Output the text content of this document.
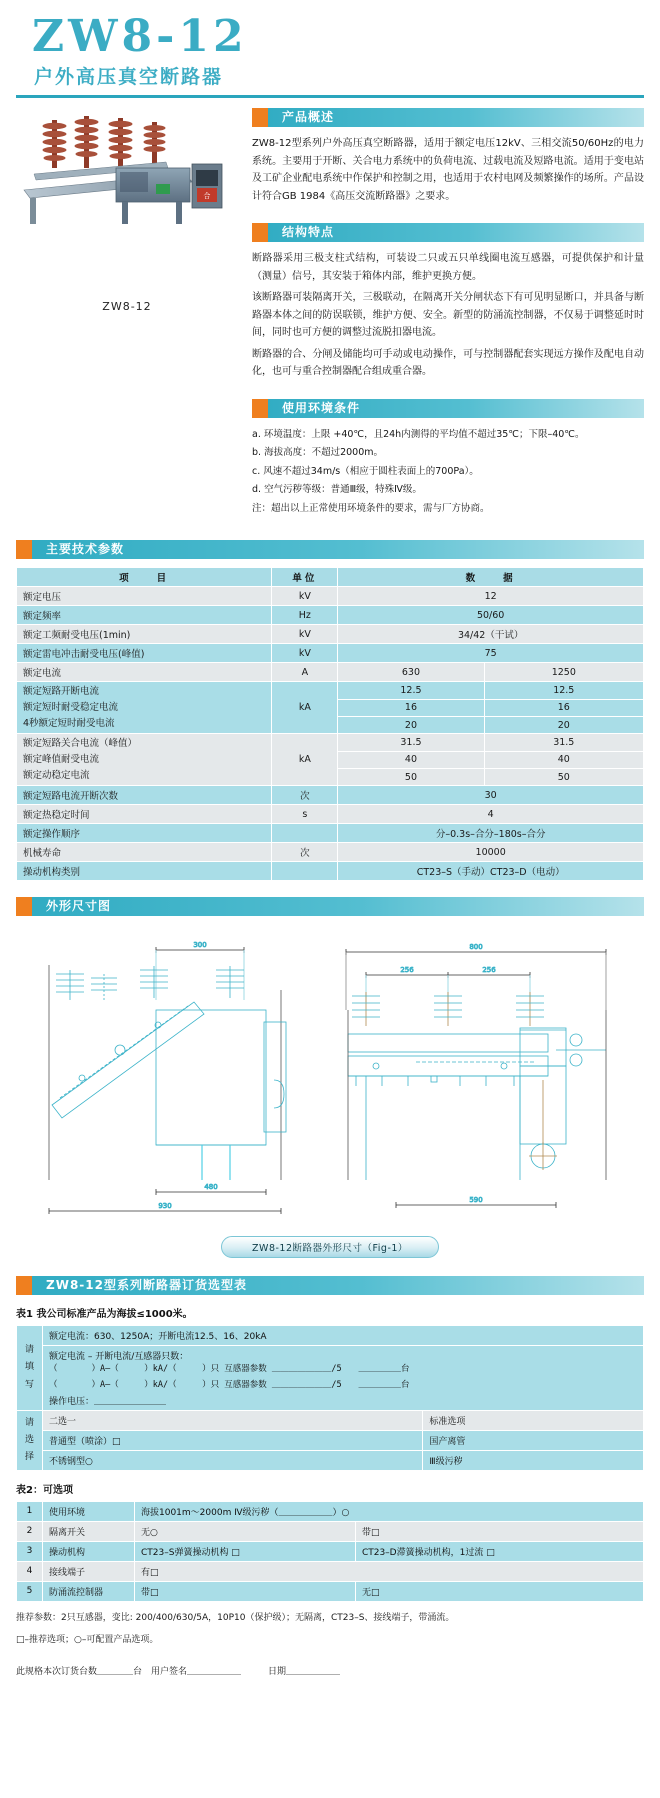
ZW8-12
户外高压真空断路器
合
ZW8-12
产品概述

ZW8-12型系列户外高压真空断路器，适用于额定电压12kV、三相交流50/60Hz的电力系统。主要用于开断、关合电力系统中的负荷电流、过载电流及短路电流。适用于变电站及工矿企业配电系统中作保护和控制之用，也适用于农村电网及频繁操作的场所。产品设计符合GB 1984《高压交流断路器》之要求。

结构特点

断路器采用三极支柱式结构，可装设二只或五只单线圈电流互感器，可提供保护和计量（测量）信号，其安装于箱体内部，维护更换方便。

该断路器可装隔离开关，三极联动，在隔离开关分闸状态下有可见明显断口，并具备与断路器本体之间的防误联锁，维护方便、安全。新型的防涌流控制器，不仅易于调整延时时间，同时也可方便的调整过流脱扣器电流。

断路器的合、分闸及储能均可手动或电动操作，可与控制器配套实现远方操作及配电自动化，也可与重合控制器配合组成重合器。

使用环境条件
a. 环境温度：上限 +40℃，且24h内测得的平均值不超过35℃；下限–40℃。
b. 海拔高度：不超过2000m。
c. 风速不超过34m/s（相应于圆柱表面上的700Pa）。
d. 空气污秽等级：普通Ⅲ级，特殊Ⅳ级。
注：超出以上正常使用环境条件的要求，需与厂方协商。
主要技术参数
项　　目	单位	数　　据	
额定电压	kV	12	
额定频率	Hz	50/60	
额定工频耐受电压(1min)	kV	34/42（干试）	
额定雷电冲击耐受电压(峰值)	kV	75	
额定电流	A	630	1250

额定短路开断电流
额定短时耐受稳定电流
4秒额定短时耐受电流	kA	12.5	12.5
		16	16
		20	20

额定短路关合电流（峰值）
额定峰值耐受电流
额定动稳定电流	kA	31.5	31.5
		40	40
		50	50
额定短路电流开断次数	次	30	
额定热稳定时间	s	4	
额定操作顺序		分–0.3s–合分–180s–合分	
机械寿命	次	10000	
操动机构类别		CT23–S（手动）CT23–D（电动）	
外形尺寸图
300
480
930
800
256	256
590
ZW8-12断路器外形尺寸（Fig-1）
ZW8-12型系列断路器订货选型表
表1 我公司标准产品为海拔≤1000米。
请
填
写	额定电流：630、1250A；开断电流12.5、16、20kA	

	额定电流 – 开断电流/互感器只数：
（　　　　）A–（　　　）kA/（　　　）只 互感器参数 ＿＿＿＿＿＿＿/5　　＿＿＿＿＿台
（　　　　）A–（　　　）kA/（　　　）只 互感器参数 ＿＿＿＿＿＿＿/5　　＿＿＿＿＿台
操作电压：＿＿＿＿＿＿＿＿	

请
选
择	二选一	标准选项
	普通型（喷涂）□	国产离管
	不锈钢型○	Ⅲ级污秽
表2：可选项
1	使用环境	海拔1001m～2000m Ⅳ级污秽（＿＿＿＿＿＿）○	
2	隔离开关	无○	带□
3	操动机构	CT23–S弹簧操动机构 □	CT23–D滞簧操动机构，1过流 □
4	接线端子	有□	
5	防涌流控制器	带□	无□
推荐参数：2只互感器，变比: 200/400/630/5A，10P10（保护级）；无隔离，CT23–S、接线端子，带涌流。
□–推荐选项；○–可配置产品选项。
此规格本次订货台数＿＿＿＿台　用户签名＿＿＿＿＿＿　　　日期＿＿＿＿＿＿
